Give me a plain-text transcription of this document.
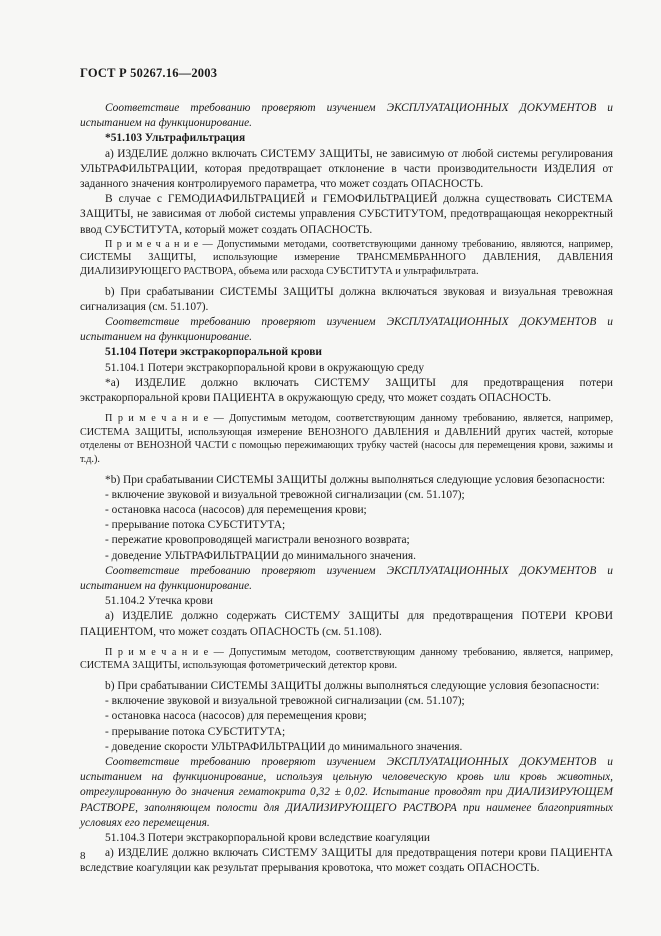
ГОСТ Р 50267.16—2003

Соответствие требованию проверяют изучением ЭКСПЛУАТАЦИОННЫХ ДОКУМЕНТОВ и испытанием на функционирование.

*51.103 Ультрафильтрация

a) ИЗДЕЛИЕ должно включать СИСТЕМУ ЗАЩИТЫ, не зависимую от любой системы регулирования УЛЬТРАФИЛЬТРАЦИИ, которая предотвращает отклонение в части производительности ИЗДЕЛИЯ от заданного значения контролируемого параметра, что может создать ОПАСНОСТЬ.

В случае с ГЕМОДИАФИЛЬТРАЦИЕЙ и ГЕМОФИЛЬТРАЦИЕЙ должна существовать СИСТЕМА ЗАЩИТЫ, не зависимая от любой системы управления СУБСТИТУТОМ, предотвращающая некорректный ввод СУБСТИТУТА, который может создать ОПАСНОСТЬ.

П р и м е ч а н и е — Допустимыми методами, соответствующими данному требованию, являются, например, СИСТЕМЫ ЗАЩИТЫ, использующие измерение ТРАНСМЕМБРАННОГО ДАВЛЕНИЯ, ДАВЛЕНИЯ ДИАЛИЗИРУЮЩЕГО РАСТВОРА, объема или расхода СУБСТИТУТА и ультрафильтрата.

b) При срабатывании СИСТЕМЫ ЗАЩИТЫ должна включаться звуковая и визуальная тревожная сигнализация (см. 51.107).

Соответствие требованию проверяют изучением ЭКСПЛУАТАЦИОННЫХ ДОКУМЕНТОВ и испытанием на функционирование.

51.104 Потери экстракорпоральной крови

51.104.1 Потери экстракорпоральной крови в окружающую среду

*a) ИЗДЕЛИЕ должно включать СИСТЕМУ ЗАЩИТЫ для предотвращения потери экстракорпоральной крови ПАЦИЕНТА в окружающую среду, что может создать ОПАСНОСТЬ.

П р и м е ч а н и е — Допустимым методом, соответствующим данному требованию, является, например, СИСТЕМА ЗАЩИТЫ, использующая измерение ВЕНОЗНОГО ДАВЛЕНИЯ и ДАВЛЕНИЙ других частей, которые отделены от ВЕНОЗНОЙ ЧАСТИ с помощью пережимающих трубку частей (насосы для перемещения крови, зажимы и т.д.).

*b) При срабатывании СИСТЕМЫ ЗАЩИТЫ должны выполняться следующие условия безопасности:

- включение звуковой и визуальной тревожной сигнализации (см. 51.107);

- остановка насоса (насосов) для перемещения крови;

- прерывание потока СУБСТИТУТА;

- пережатие кровопроводящей магистрали венозного возврата;

- доведение УЛЬТРАФИЛЬТРАЦИИ до минимального значения.

Соответствие требованию проверяют изучением ЭКСПЛУАТАЦИОННЫХ ДОКУМЕНТОВ и испытанием на функционирование.

51.104.2 Утечка крови

a) ИЗДЕЛИЕ должно содержать СИСТЕМУ ЗАЩИТЫ для предотвращения ПОТЕРИ КРОВИ ПАЦИЕНТОМ, что может создать ОПАСНОСТЬ (см. 51.108).

П р и м е ч а н и е — Допустимым методом, соответствующим данному требованию, является, например, СИСТЕМА ЗАЩИТЫ, использующая фотометрический детектор крови.

b) При срабатывании СИСТЕМЫ ЗАЩИТЫ должны выполняться следующие условия безопасности:

- включение звуковой и визуальной тревожной сигнализации (см. 51.107);

- остановка насоса (насосов) для перемещения крови;

- прерывание потока СУБСТИТУТА;

- доведение скорости УЛЬТРАФИЛЬТРАЦИИ до минимального значения.

Соответствие требованию проверяют изучением ЭКСПЛУАТАЦИОННЫХ ДОКУМЕНТОВ и испытанием на функционирование, используя цельную человеческую кровь или кровь животных, отрегулированную до значения гематокрита 0,32 ± 0,02. Испытание проводят при ДИАЛИЗИРУЮЩЕМ РАСТВОРЕ, заполняющем полости для ДИАЛИЗИРУЮЩЕГО РАСТВОРА при наименее благоприятных условиях его перемещения.

51.104.3 Потери экстракорпоральной крови вследствие коагуляции

a) ИЗДЕЛИЕ должно включать СИСТЕМУ ЗАЩИТЫ для предотвращения потери крови ПАЦИЕНТА вследствие коагуляции как результат прерывания кровотока, что может создать ОПАСНОСТЬ.

8
